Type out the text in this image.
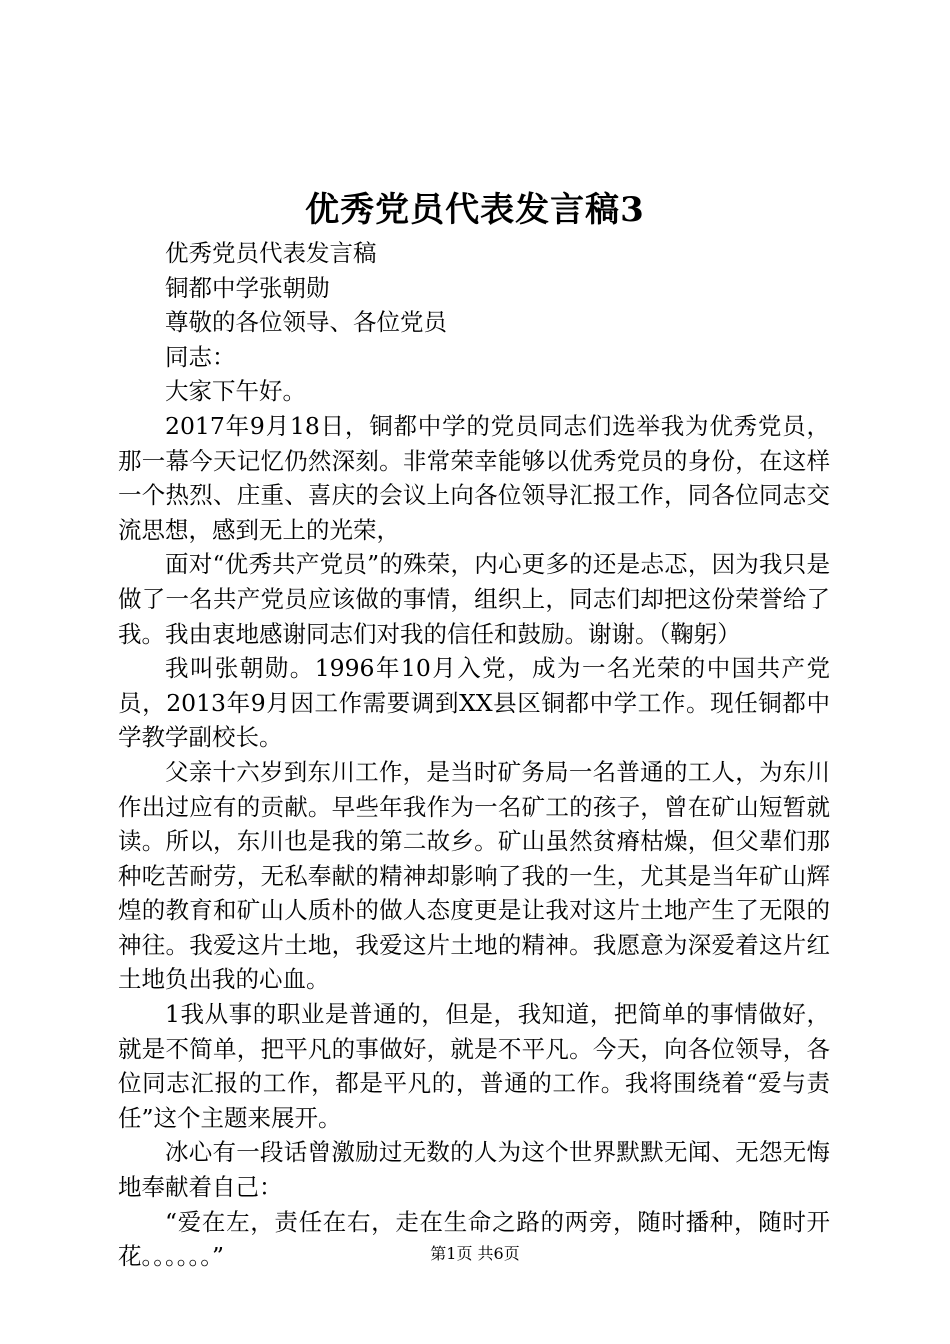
优秀党员代表发言稿3

优秀党员代表发言稿

铜都中学张朝勋

尊敬的各位领导、各位党员

同志：

大家下午好。

2017年9月18日，铜都中学的党员同志们选举我为优秀党员，那一幕今天记忆仍然深刻。非常荣幸能够以优秀党员的身份，在这样一个热烈、庄重、喜庆的会议上向各位领导汇报工作，同各位同志交流思想，感到无上的光荣，

面对“优秀共产党员”的殊荣，内心更多的还是忐忑，因为我只是做了一名共产党员应该做的事情，组织上，同志们却把这份荣誉给了我。我由衷地感谢同志们对我的信任和鼓励。谢谢。（鞠躬）

我叫张朝勋。1996年10月入党，成为一名光荣的中国共产党员，2013年9月因工作需要调到XX县区铜都中学工作。现任铜都中学教学副校长。

父亲十六岁到东川工作，是当时矿务局一名普通的工人，为东川作出过应有的贡献。早些年我作为一名矿工的孩子，曾在矿山短暂就读。所以，东川也是我的第二故乡。矿山虽然贫瘠枯燥，但父辈们那种吃苦耐劳，无私奉献的精神却影响了我的一生，尤其是当年矿山辉煌的教育和矿山人质朴的做人态度更是让我对这片土地产生了无限的神往。我爱这片土地，我爱这片土地的精神。我愿意为深爱着这片红土地负出我的心血。

1我从事的职业是普通的，但是，我知道，把简单的事情做好，就是不简单，把平凡的事做好，就是不平凡。今天，向各位领导，各位同志汇报的工作，都是平凡的，普通的工作。我将围绕着“爱与责任”这个主题来展开。

冰心有一段话曾激励过无数的人为这个世界默默无闻、无怨无悔地奉献着自己：

“爱在左，责任在右，走在生命之路的两旁，随时播种，随时开花。。。。。。”	第1页 共6页
